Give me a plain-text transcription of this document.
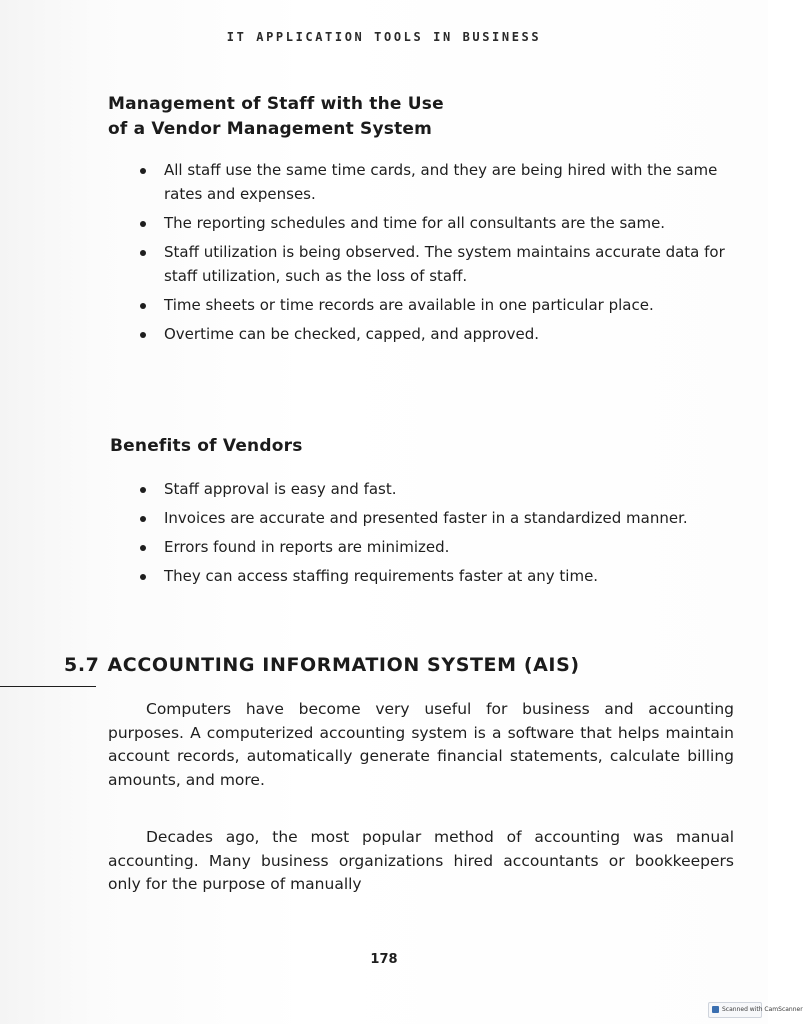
IT APPLICATION TOOLS IN BUSINESS
Management of Staff with the Use
of a Vendor Management System
All staff use the same time cards, and they are being hired with the same rates and expenses.
The reporting schedules and time for all consultants are the same.
Staff utilization is being observed. The system maintains accurate data for staff utilization, such as the loss of staff.
Time sheets or time records are available in one particular place.
Overtime can be checked, capped, and approved.
Benefits of Vendors
Staff approval is easy and fast.
Invoices are accurate and presented faster in a standardized manner.
Errors found in reports are minimized.
They can access staffing requirements faster at any time.
5.7 ACCOUNTING INFORMATION SYSTEM (AIS)

Computers have become very useful for business and accounting purposes. A computerized accounting system is a software that helps maintain account records, automatically generate financial statements, calculate billing amounts, and more.

Decades ago, the most popular method of accounting was manual accounting. Many business organizations hired accountants or bookkeepers only for the purpose of manually

178
Scanned with CamScanner
